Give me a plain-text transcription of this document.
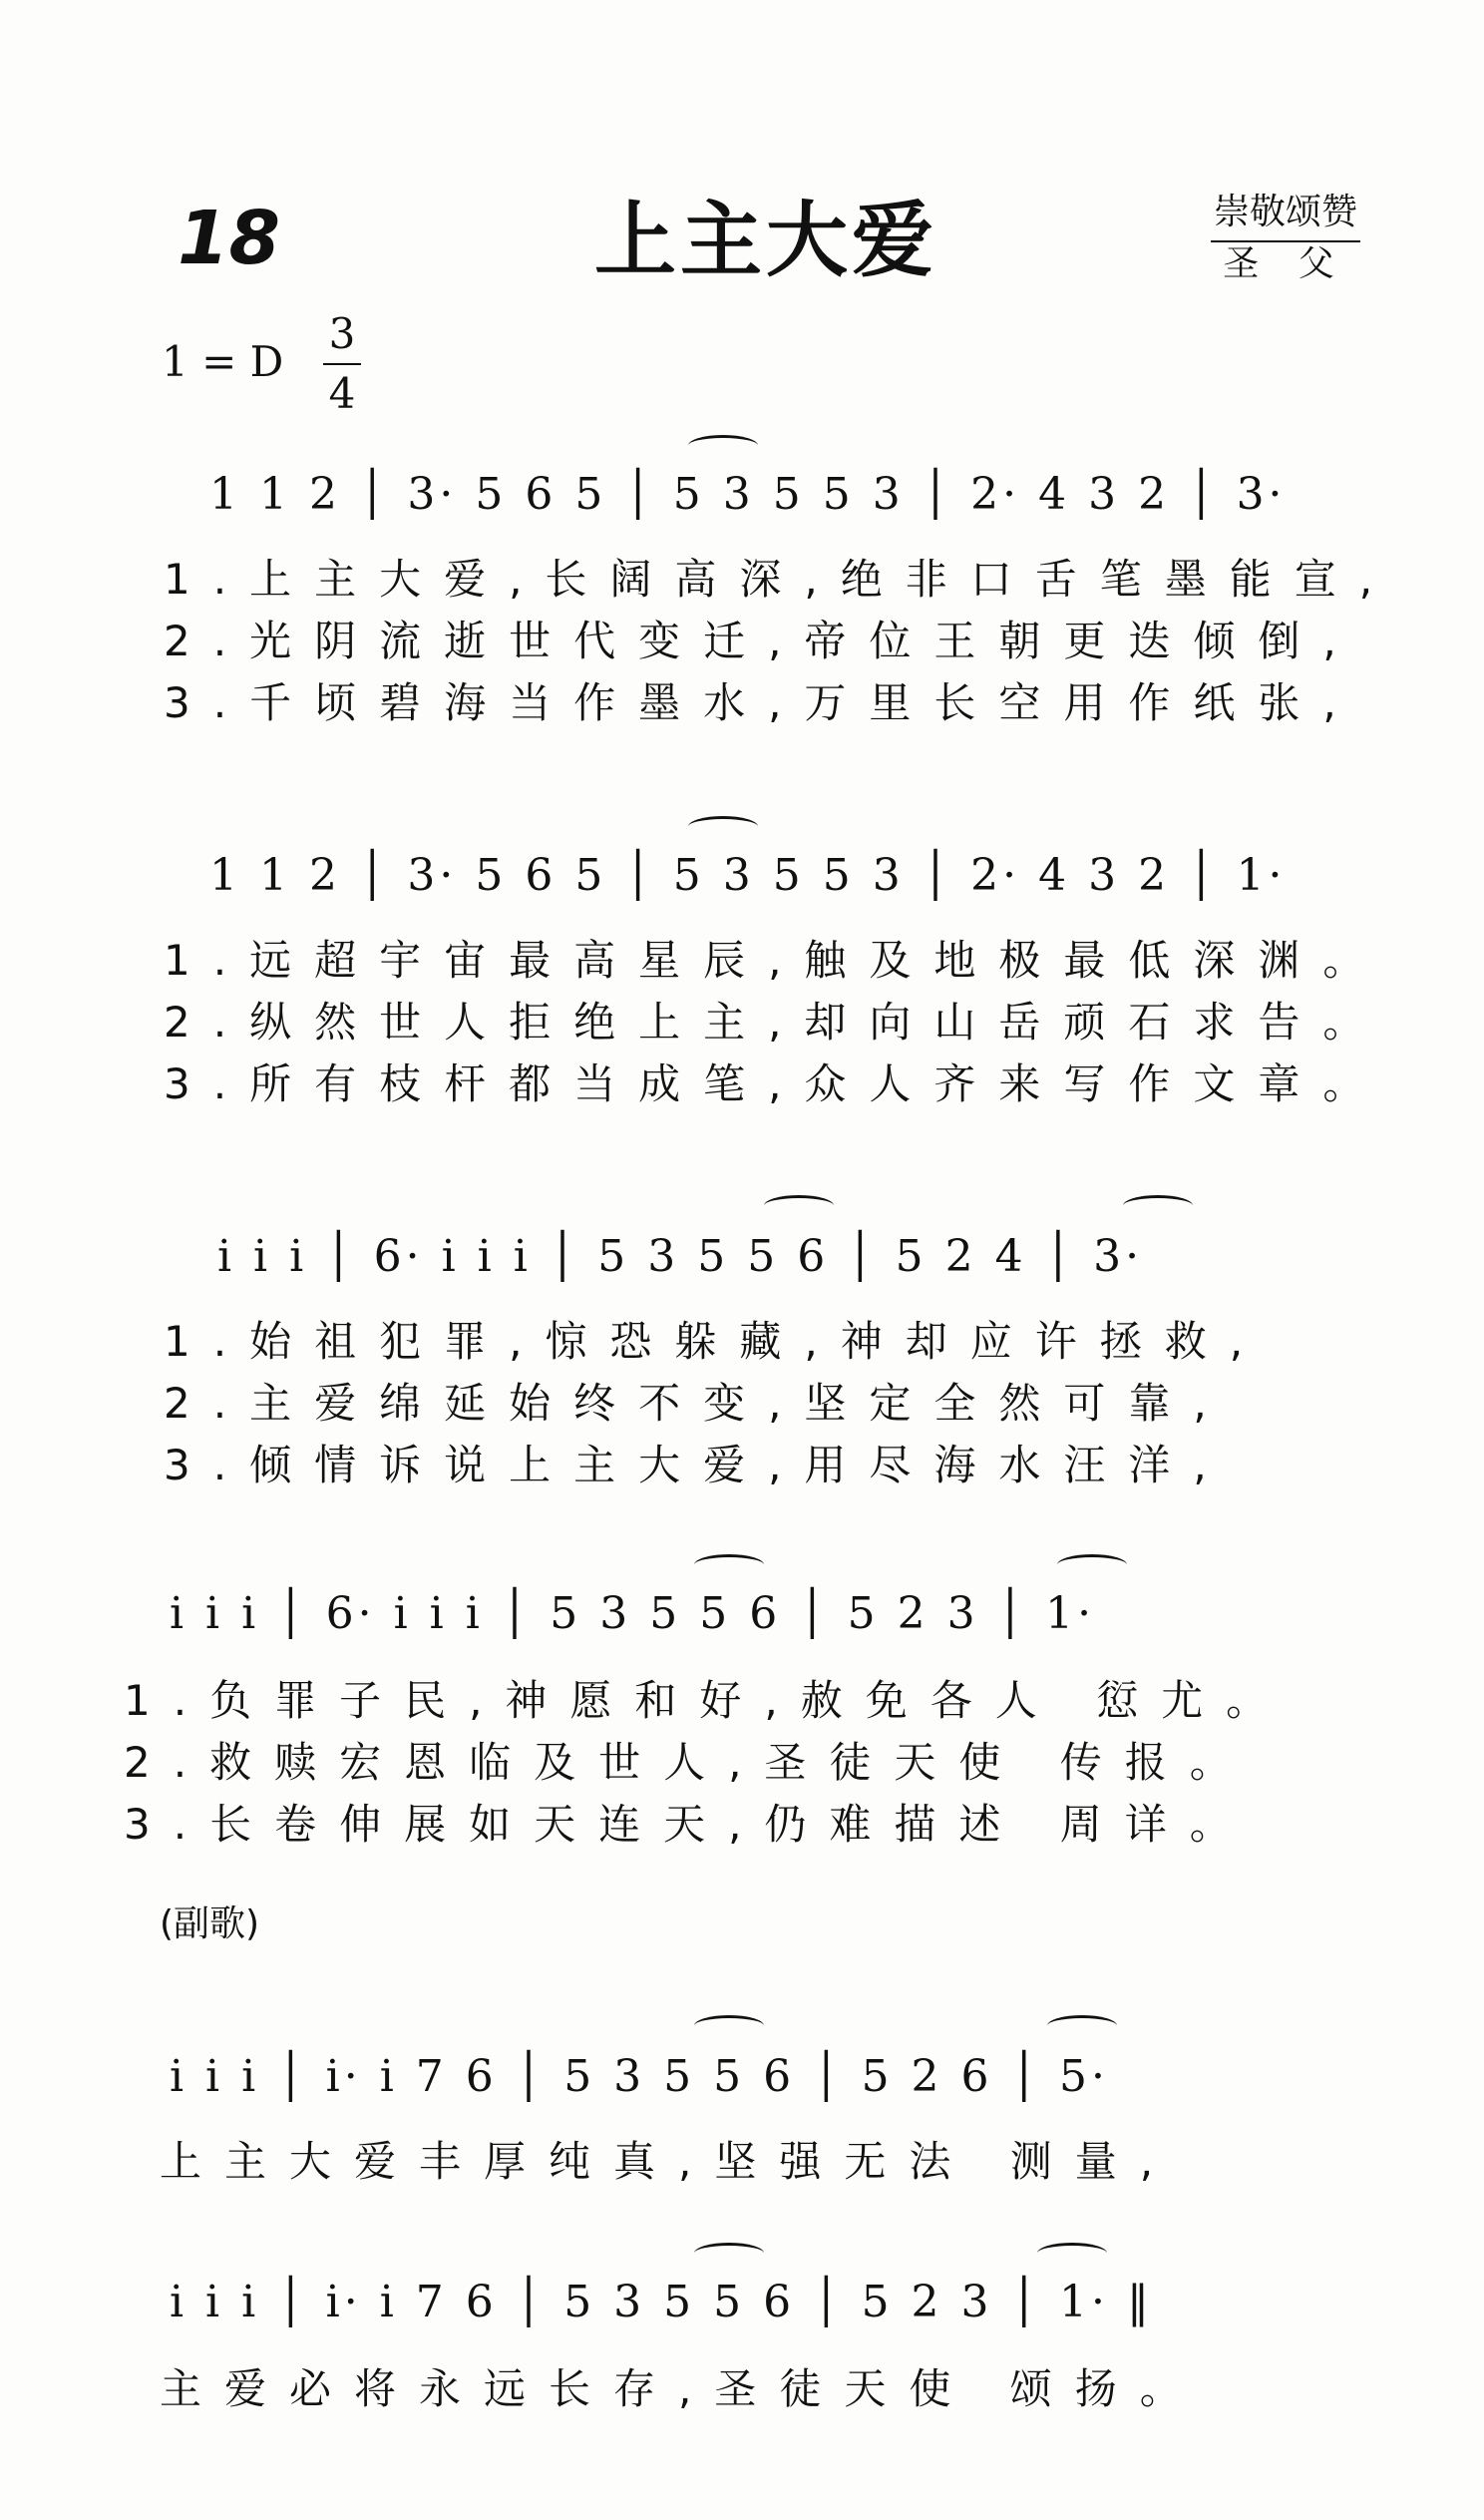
18	上主大爱	崇敬颂赞
圣 父
1 = D
3
4
1 1 2 │ 3· 5 6 5 │ 5 3 5 5 3 │ 2· 4 3 2 │ 3·
1.上主大爱,长阔高深,绝非口舌笔墨能宣,
2.光阴流逝世代变迁,帝位王朝更迭倾倒,
3.千顷碧海当作墨水,万里长空用作纸张,
1 1 2 │ 3· 5 6 5 │ 5 3 5 5 3 │ 2· 4 3 2 │ 1·
1.远超宇宙最高星辰,触及地极最低深渊。
2.纵然世人拒绝上主,却向山岳顽石求告。
3.所有枝杆都当成笔,众人齐来写作文章。
i i i │ 6· i i i │ 5 3 5 5 6 │ 5 2 4 │ 3·
1.始祖犯罪,惊恐躲藏,神却应许拯救,
2.主爱绵延始终不变,坚定全然可靠,
3.倾情诉说上主大爱,用尽海水汪洋,
i i i │ 6· i i i │ 5 3 5 5 6 │ 5 2 3 │ 1·
1.负罪子民,神愿和好,赦免各人 愆尤。
2.救赎宏恩临及世人,圣徒天使 传报。
3.长卷伸展如天连天,仍难描述 周详。
(副歌)
i i i │ i· i 7 6 │ 5 3 5 5 6 │ 5 2 6 │ 5·
上主大爱丰厚纯真,坚强无法 测量,
i i i │ i· i 7 6 │ 5 3 5 5 6 │ 5 2 3 │ 1· ‖
主爱必将永远长存,圣徒天使 颂扬。
